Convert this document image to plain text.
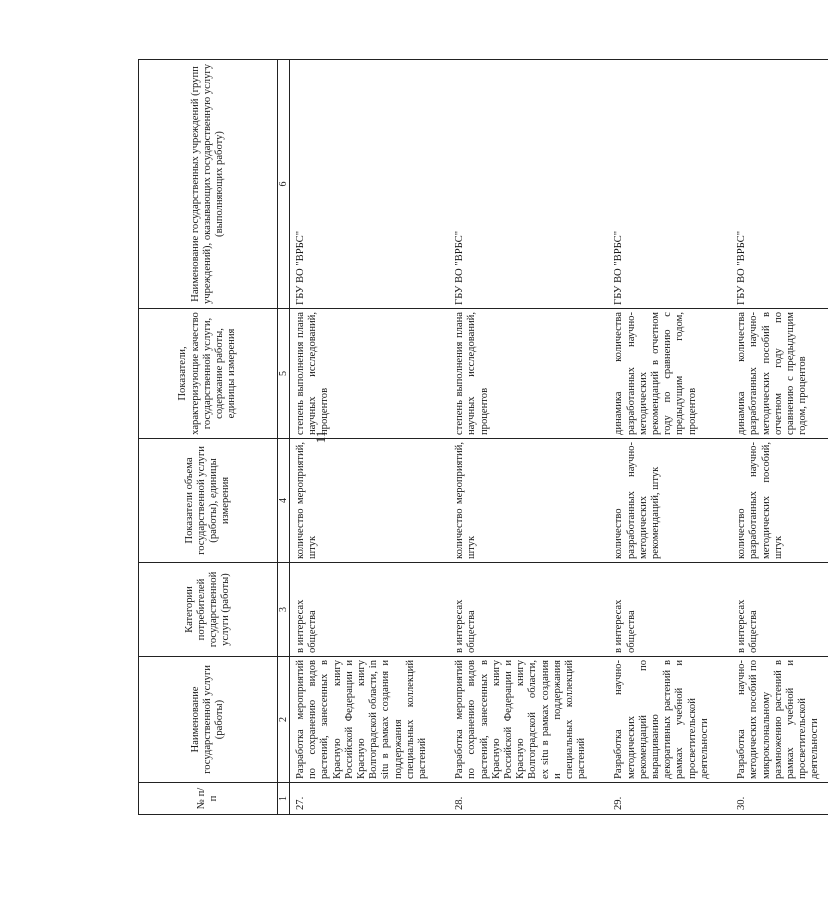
11
№ п/п	Наименование государственной услуги (работы)	Категории потребителей государственной услуги (работы)	Показатели объема государственной услуги (работы), единицы измерения	Показатели, характеризующие качество государственной услуги, содержание работы, единицы измерения	Наименование государственных учреждений (групп учреждений), оказывающих государственную услугу (выполняющих работу)
1	2	3	4	5	6
27.	Разработка мероприятий по сохранению видов растений, занесенных в Красную книгу Российской Федерации и Красную книгу Волгоградской области, in situ в рамках создания и поддержания специальных коллекций растений	в интересах общества	количество мероприятий, штук	степень выполнения плана научных исследований, процентов	ГБУ ВО "ВРБС"
28.	Разработка мероприятий по сохранению видов растений, занесенных в Красную книгу Российской Федерации и Красную книгу Волгоградской области, ex situ в рамках создания и поддержания специальных коллекций растений	в интересах общества	количество мероприятий, штук	степень выполнения плана научных исследований, процентов	ГБУ ВО "ВРБС"
29.	Разработка научно-методических рекомендаций по выращиванию декоративных растений в рамках учебной и просветительской деятельности	в интересах общества	количество разработанных научно-методических рекомендаций, штук	динамика количества разработанных научно-методических рекомендаций в отчетном году по сравнению с предыдущим годом, процентов	ГБУ ВО "ВРБС"
30.	Разработка научно-методических пособий по микроклональному размножению растений в рамках учебной и просветительской деятельности	в интересах общества	количество разработанных научно-методических пособий, штук	динамика количества разработанных научно-методических пособий в отчетном году по сравнению с предыдущим годом, процентов	ГБУ ВО "ВРБС"
